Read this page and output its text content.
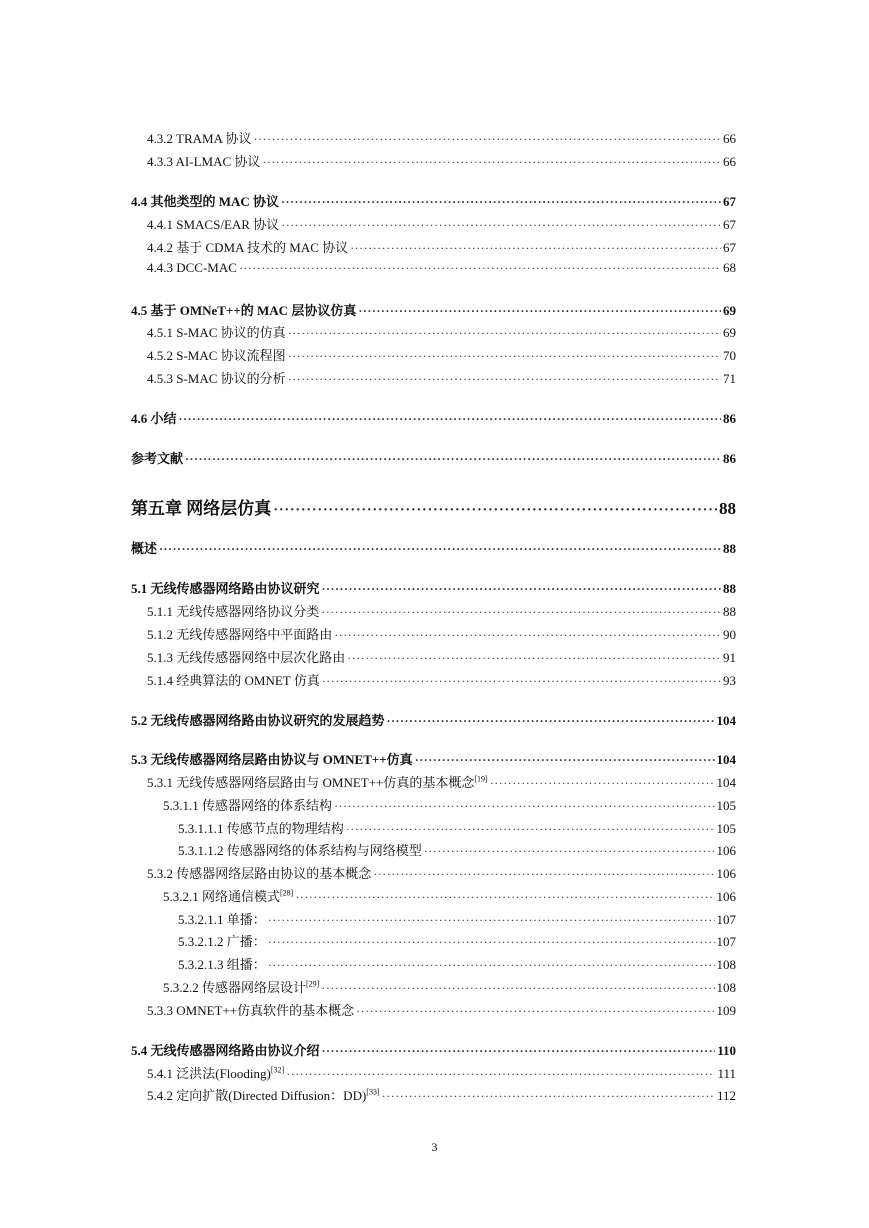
4.3.2 TRAMA 协议 ·····	66
4.3.3 AI-LMAC 协议 ·····	66
4.4 其他类型的 MAC 协议 ·····	67
4.4.1 SMACS/EAR 协议 ·····	67
4.4.2 基于 CDMA 技术的 MAC 协议 ·····	67
4.4.3 DCC-MAC ·····	68
4.5 基于 OMNeT++的 MAC 层协议仿真 ·····	69
4.5.1 S-MAC 协议的仿真 ·····	69
4.5.2 S-MAC 协议流程图 ·····	70
4.5.3 S-MAC 协议的分析 ·····	71
4.6 小结 ·····	86
参考文献 ·····	86
第五章 网络层仿真 ·····	88
概述 ·····	88
5.1 无线传感器网络路由协议研究 ·····	88
5.1.1 无线传感器网络协议分类 ·····	88
5.1.2 无线传感器网络中平面路由 ·····	90
5.1.3 无线传感器网络中层次化路由 ·····	91
5.1.4 经典算法的 OMNET 仿真 ·····	93
5.2 无线传感器网络路由协议研究的发展趋势 ·····	104
5.3 无线传感器网络层路由协议与 OMNET++仿真 ·····	104
5.3.1 无线传感器网络层路由与 OMNET++仿真的基本概念[19] ·····	104
5.3.1.1 传感器网络的体系结构 ·····	105
5.3.1.1.1 传感节点的物理结构 ·····	105
5.3.1.1.2 传感器网络的体系结构与网络模型 ·····	106
5.3.2 传感器网络层路由协议的基本概念 ·····	106
5.3.2.1 网络通信模式[28] ·····	106
5.3.2.1.1 单播： ·····	107
5.3.2.1.2 广播： ·····	107
5.3.2.1.3 组播： ·····	108
5.3.2.2 传感器网络层设计[29] ·····	108
5.3.3 OMNET++仿真软件的基本概念 ·····	109
5.4 无线传感器网络路由协议介绍 ·····	110
5.4.1 泛洪法(Flooding)[32] ·····	111
5.4.2 定向扩散(Directed Diffusion：DD)[33] ·····	112
3
